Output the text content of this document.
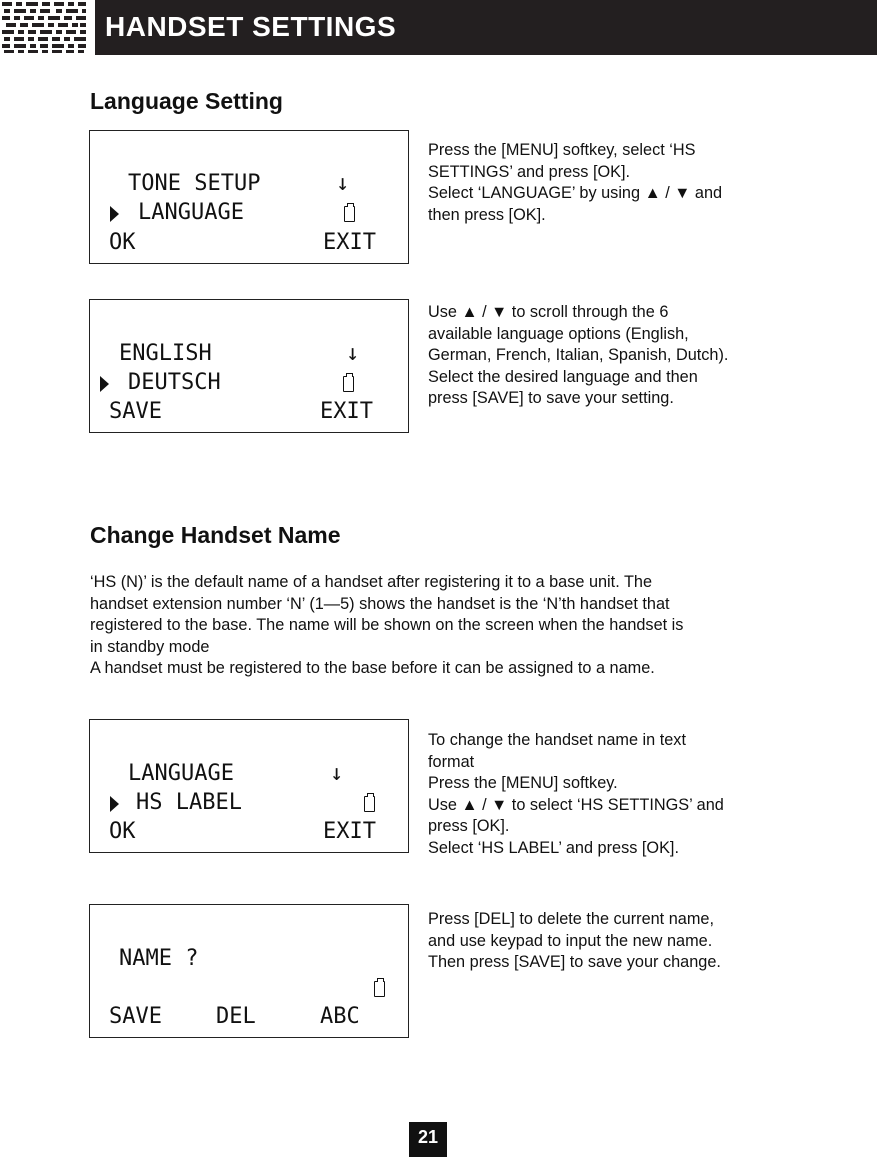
HANDSET SETTINGS
Language Setting
TONE SETUP	↓
LANGUAGE
OK	EXIT

Press the [MENU] softkey, select ‘HS

SETTINGS’ and press [OK].

Select ‘LANGUAGE’ by using ▲ / ▼ and

then press [OK].

ENGLISH	↓
DEUTSCH
SAVE	EXIT

Use ▲ / ▼ to scroll through the 6

available language options (English,

German, French, Italian, Spanish, Dutch).

Select the desired language and then

press [SAVE] to save your setting.

Change Handset Name

‘HS (N)’ is the default name of a handset after registering it to a base unit. The

handset extension number ‘N’ (1—5) shows the handset is the ‘N’th handset that

registered to the base. The name will be shown on the screen when the handset is

in standby mode

A handset must be registered to the base before it can be assigned to a name.

LANGUAGE	↓
HS LABEL
OK	EXIT

To change the handset name in text

format

Press the [MENU] softkey.

Use ▲ / ▼ to select ‘HS SETTINGS’ and

press [OK].

Select ‘HS LABEL’ and press [OK].

NAME ?
SAVE DEL	ABC

Press [DEL] to delete the current name,

and use keypad to input the new name.

Then press [SAVE] to save your change.

21
